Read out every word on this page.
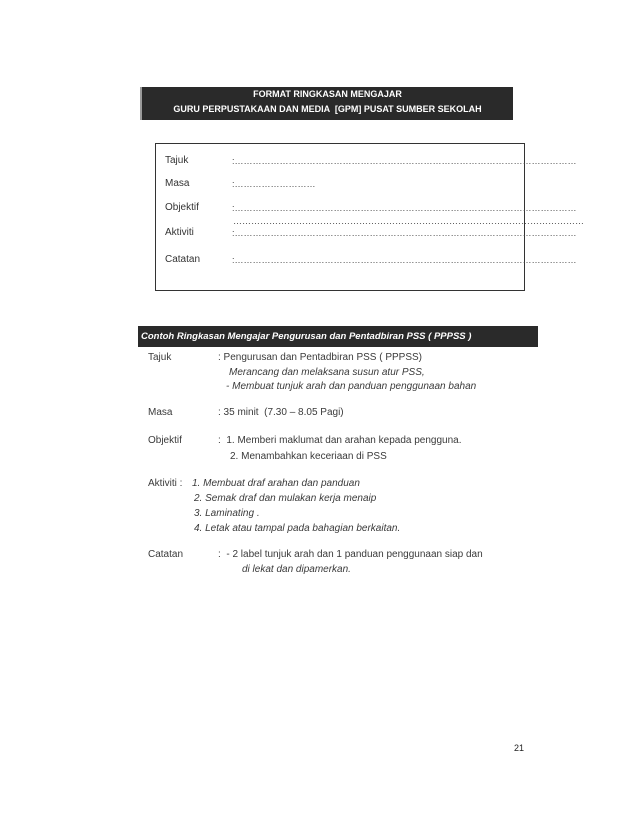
FORMAT RINGKASAN MENGAJAR
GURU PERPUSTAKAAN DAN MEDIA  [GPM] PUSAT SUMBER SEKOLAH
Tajuk	:……………………………………………………………………………………………………
Masa	:………………………
Objektif	:……………………………………………………………………………………………………
………………………………………………………………………………………………………
Aktiviti	:……………………………………………………………………………………………………
Catatan	:……………………………………………………………………………………………………
Contoh Ringkasan Mengajar Pengurusan dan Pentadbiran PSS ( PPPSS )
Tajuk	: Pengurusan dan Pentadbiran PSS ( PPPSS)
Merancang dan melaksana susun atur PSS,
- Membuat tunjuk arah dan panduan penggunaan bahan
Masa	: 35 minit  (7.30 – 8.05 Pagi)
Objektif	:  1. Memberi maklumat dan arahan kepada pengguna.
2. Menambahkan keceriaan di PSS
Aktiviti : 1. Membuat draf arahan dan panduan
2. Semak draf dan mulakan kerja menaip
3. Laminating .
4. Letak atau tampal pada bahagian berkaitan.
Catatan	:  - 2 label tunjuk arah dan 1 panduan penggunaan siap dan
di lekat dan dipamerkan.
21
